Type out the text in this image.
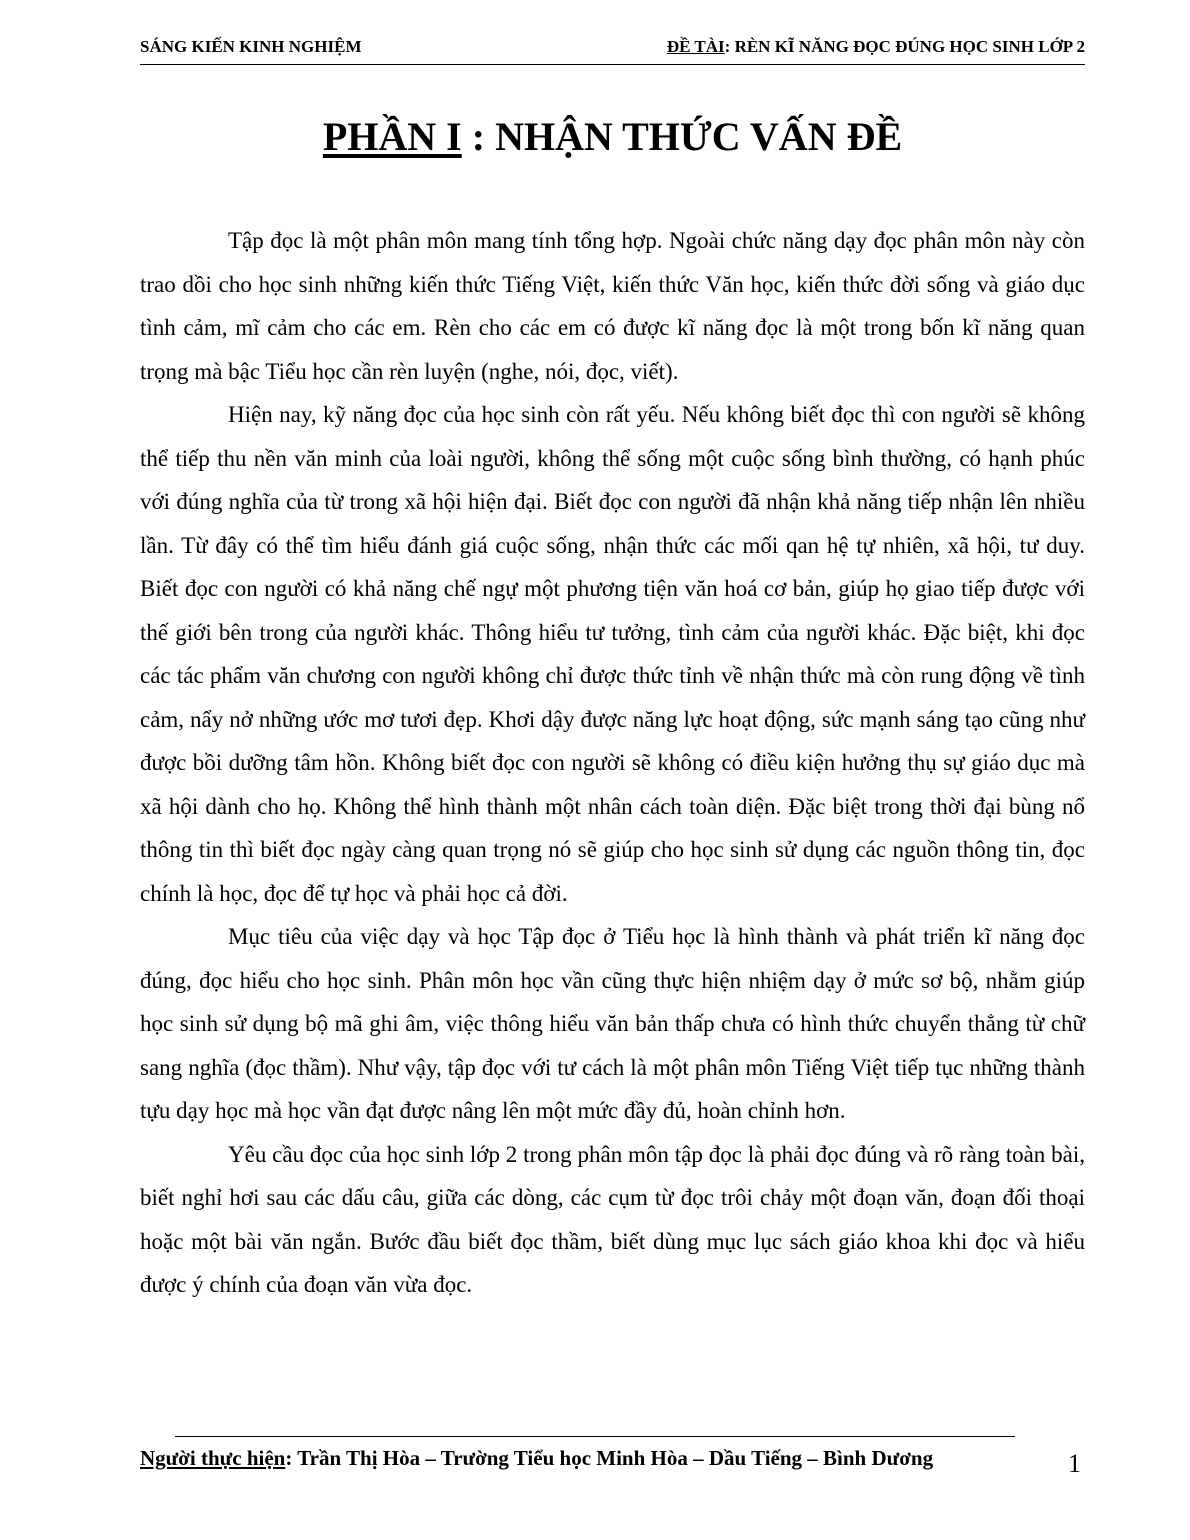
SÁNG KIẾN KINH NGHIỆM	ĐỀ TÀI: RÈN KĨ NĂNG ĐỌC ĐÚNG HỌC SINH LỚP 2
PHẦN I : NHẬN THỨC VẤN ĐỀ

Tập đọc là một phân môn mang tính tổng hợp. Ngoài chức năng dạy đọc phân môn này còn trao dồi cho học sinh những kiến thức Tiếng Việt, kiến thức Văn học, kiến thức đời sống và giáo dục tình cảm, mĩ cảm cho các em. Rèn cho các em có được kĩ năng đọc là một trong bốn kĩ năng quan trọng mà bậc Tiểu học cần rèn luyện (nghe, nói, đọc, viết).

Hiện nay, kỹ năng đọc của học sinh còn rất yếu. Nếu không biết đọc thì con người sẽ không thể tiếp thu nền văn minh của loài người, không thể sống một cuộc sống bình thường, có hạnh phúc với đúng nghĩa của từ trong xã hội hiện đại. Biết đọc con người đã nhận khả năng tiếp nhận lên nhiều lần. Từ đây có thể tìm hiểu đánh giá cuộc sống, nhận thức các mối qan hệ tự nhiên, xã hội, tư duy. Biết đọc con người có khả năng chế ngự một phương tiện văn hoá cơ bản, giúp họ giao tiếp được với thế giới bên trong của người khác. Thông hiểu tư tưởng, tình cảm của người khác. Đặc biệt, khi đọc các tác phẩm văn chương con người không chỉ được thức tỉnh về nhận thức mà còn rung động về tình cảm, nẩy nở những ước mơ tươi đẹp. Khơi dậy được năng lực hoạt động, sức mạnh sáng tạo cũng như được bồi dưỡng tâm hồn. Không biết đọc con người sẽ không có điều kiện hưởng thụ sự giáo dục mà xã hội dành cho họ. Không thể hình thành một nhân cách toàn diện. Đặc biệt trong thời đại bùng nổ thông tin thì biết đọc ngày càng quan trọng nó sẽ giúp cho học sinh sử dụng các nguồn thông tin, đọc chính là học, đọc để tự học và phải học cả đời.

Mục tiêu của việc dạy và học Tập đọc ở Tiểu học là hình thành và phát triển kĩ năng đọc đúng, đọc hiểu cho học sinh. Phân môn học vần cũng thực hiện nhiệm dạy ở mức sơ bộ, nhằm giúp học sinh sử dụng bộ mã ghi âm, việc thông hiểu văn bản thấp chưa có hình thức chuyển thẳng từ chữ sang nghĩa (đọc thầm). Như vậy, tập đọc với tư cách là một phân môn Tiếng Việt tiếp tục những thành tựu dạy học mà học vần đạt được nâng lên một mức đầy đủ, hoàn chỉnh hơn.

Yêu cầu đọc của học sinh lớp 2 trong phân môn tập đọc là phải đọc đúng và rõ ràng toàn bài, biết nghỉ hơi sau các dấu câu, giữa các dòng, các cụm từ đọc trôi chảy một đoạn văn, đoạn đối thoại hoặc một bài văn ngắn. Bước đầu biết đọc thầm, biết dùng mục lục sách giáo khoa khi đọc và hiểu được ý chính của đoạn văn vừa đọc.

Người thực hiện: Trần Thị Hòa – Trường Tiểu học Minh Hòa – Dầu Tiếng – Bình Dương	1
